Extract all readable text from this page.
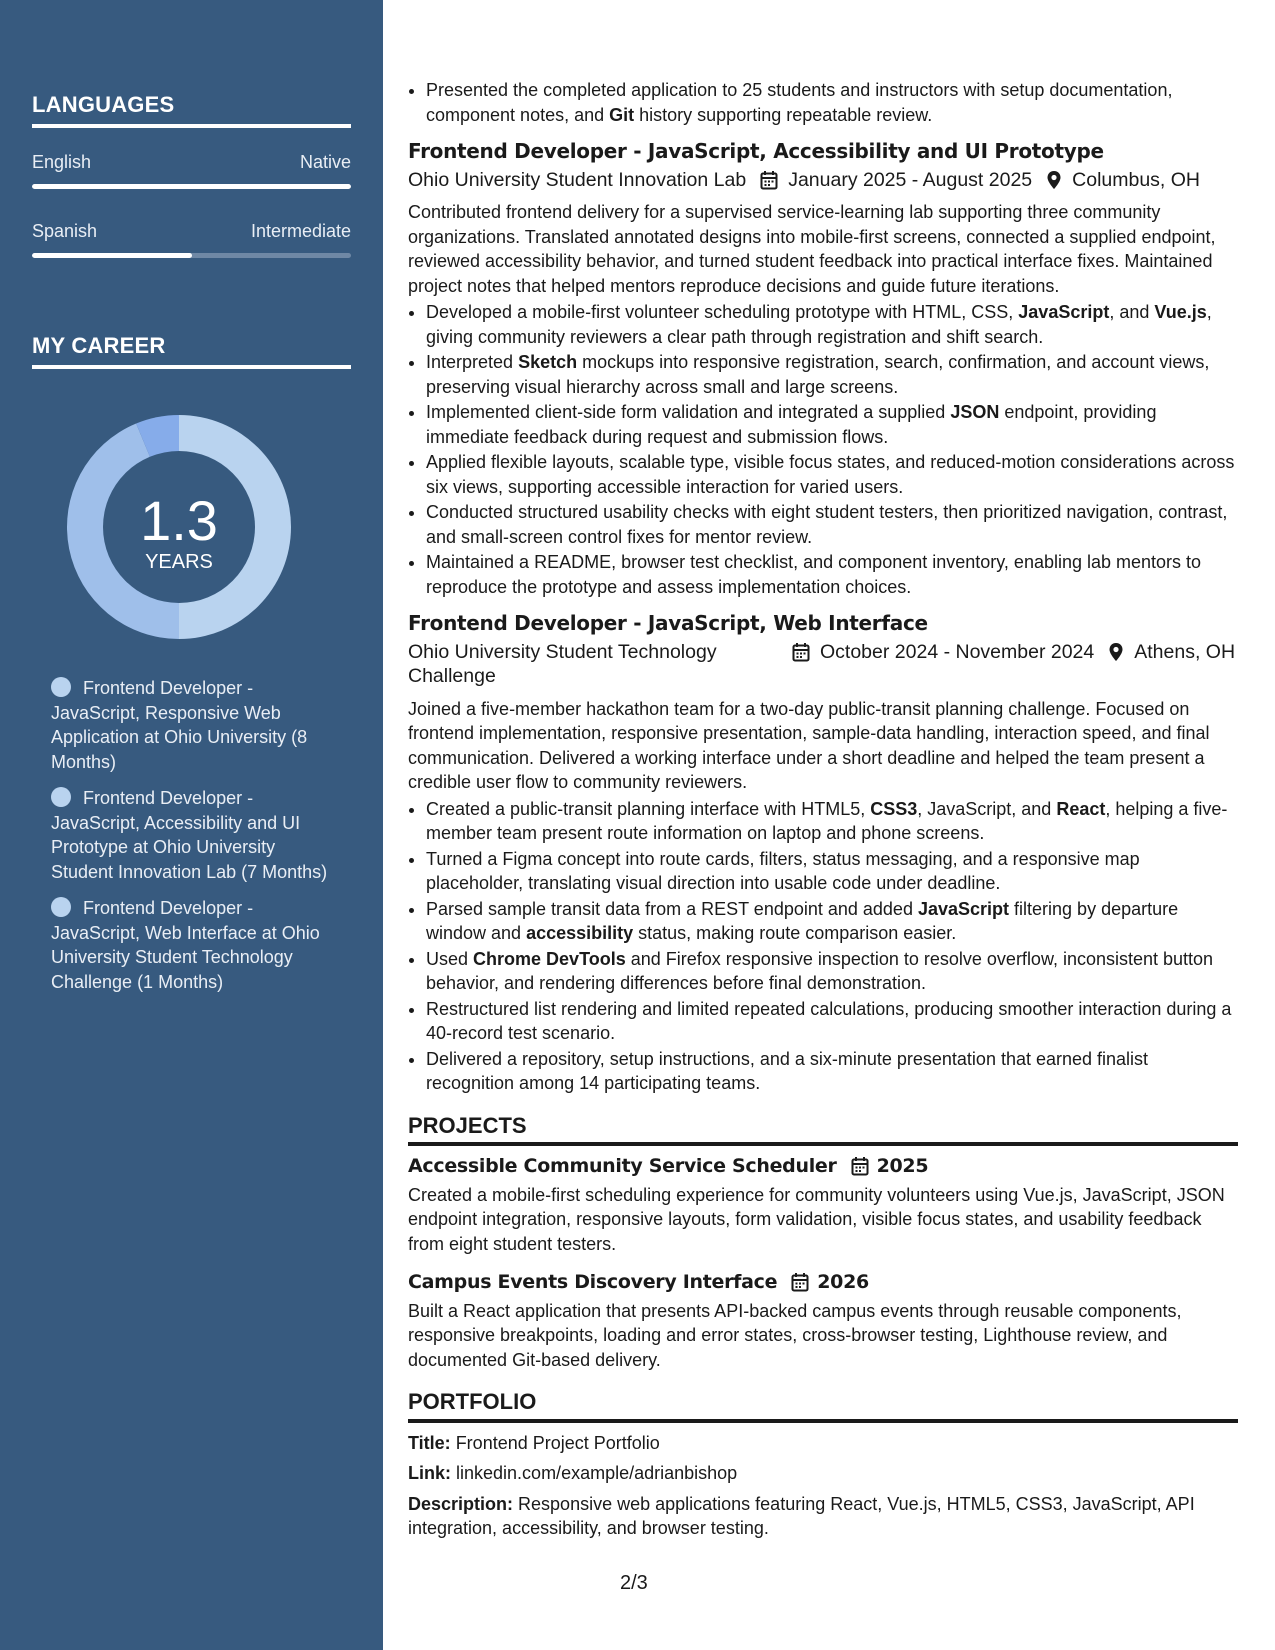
LANGUAGES
English	Native
Spanish	Intermediate
MY CAREER
1.3
YEARS
Frontend Developer - JavaScript, Responsive Web Application at Ohio University (8 Months)
Frontend Developer - JavaScript, Accessibility and UI Prototype at Ohio University Student Innovation Lab (7 Months)
Frontend Developer - JavaScript, Web Interface at Ohio University Student Technology Challenge (1 Months)
• Presented the completed application to 25 students and instructors with setup documentation, component notes, and Git history supporting repeatable review.
Frontend Developer - JavaScript, Accessibility and UI Prototype
Ohio University Student Innovation Lab January 2025 - August 2025 Columbus, OH

Contributed frontend delivery for a supervised service-learning lab supporting three community organizations. Translated annotated designs into mobile-first screens, connected a supplied endpoint, reviewed accessibility behavior, and turned student feedback into practical interface fixes. Maintained project notes that helped mentors reproduce decisions and guide future iterations.

• Developed a mobile-first volunteer scheduling prototype with HTML, CSS, JavaScript, and Vue.js, giving community reviewers a clear path through registration and shift search.
• Interpreted Sketch mockups into responsive registration, search, confirmation, and account views, preserving visual hierarchy across small and large screens.
• Implemented client-side form validation and integrated a supplied JSON endpoint, providing immediate feedback during request and submission flows.
• Applied flexible layouts, scalable type, visible focus states, and reduced-motion considerations across six views, supporting accessible interaction for varied users.
• Conducted structured usability checks with eight student testers, then prioritized navigation, contrast, and small-screen control fixes for mentor review.
• Maintained a README, browser test checklist, and component inventory, enabling lab mentors to reproduce the prototype and assess implementation choices.
Frontend Developer - JavaScript, Web Interface
Ohio University Student Technology Challenge
October 2024 - November 2024 Athens, OH

Joined a five-member hackathon team for a two-day public-transit planning challenge. Focused on frontend implementation, responsive presentation, sample-data handling, interaction speed, and final communication. Delivered a working interface under a short deadline and helped the team present a credible user flow to community reviewers.

• Created a public-transit planning interface with HTML5, CSS3, JavaScript, and React, helping a five-member team present route information on laptop and phone screens.
• Turned a Figma concept into route cards, filters, status messaging, and a responsive map placeholder, translating visual direction into usable code under deadline.
• Parsed sample transit data from a REST endpoint and added JavaScript filtering by departure window and accessibility status, making route comparison easier.
• Used Chrome DevTools and Firefox responsive inspection to resolve overflow, inconsistent button behavior, and rendering differences before final demonstration.
• Restructured list rendering and limited repeated calculations, producing smoother interaction during a 40-record test scenario.
• Delivered a repository, setup instructions, and a six-minute presentation that earned finalist recognition among 14 participating teams.
PROJECTS
Accessible Community Service Scheduler 2025

Created a mobile-first scheduling experience for community volunteers using Vue.js, JavaScript, JSON endpoint integration, responsive layouts, form validation, visible focus states, and usability feedback from eight student testers.

Campus Events Discovery Interface 2026

Built a React application that presents API-backed campus events through reusable components, responsive breakpoints, loading and error states, cross-browser testing, Lighthouse review, and documented Git-based delivery.

PORTFOLIO
Title: Frontend Project Portfolio
Link: linkedin.com/example/adrianbishop
Description: Responsive web applications featuring React, Vue.js, HTML5, CSS3, JavaScript, API integration, accessibility, and browser testing.
2/3
